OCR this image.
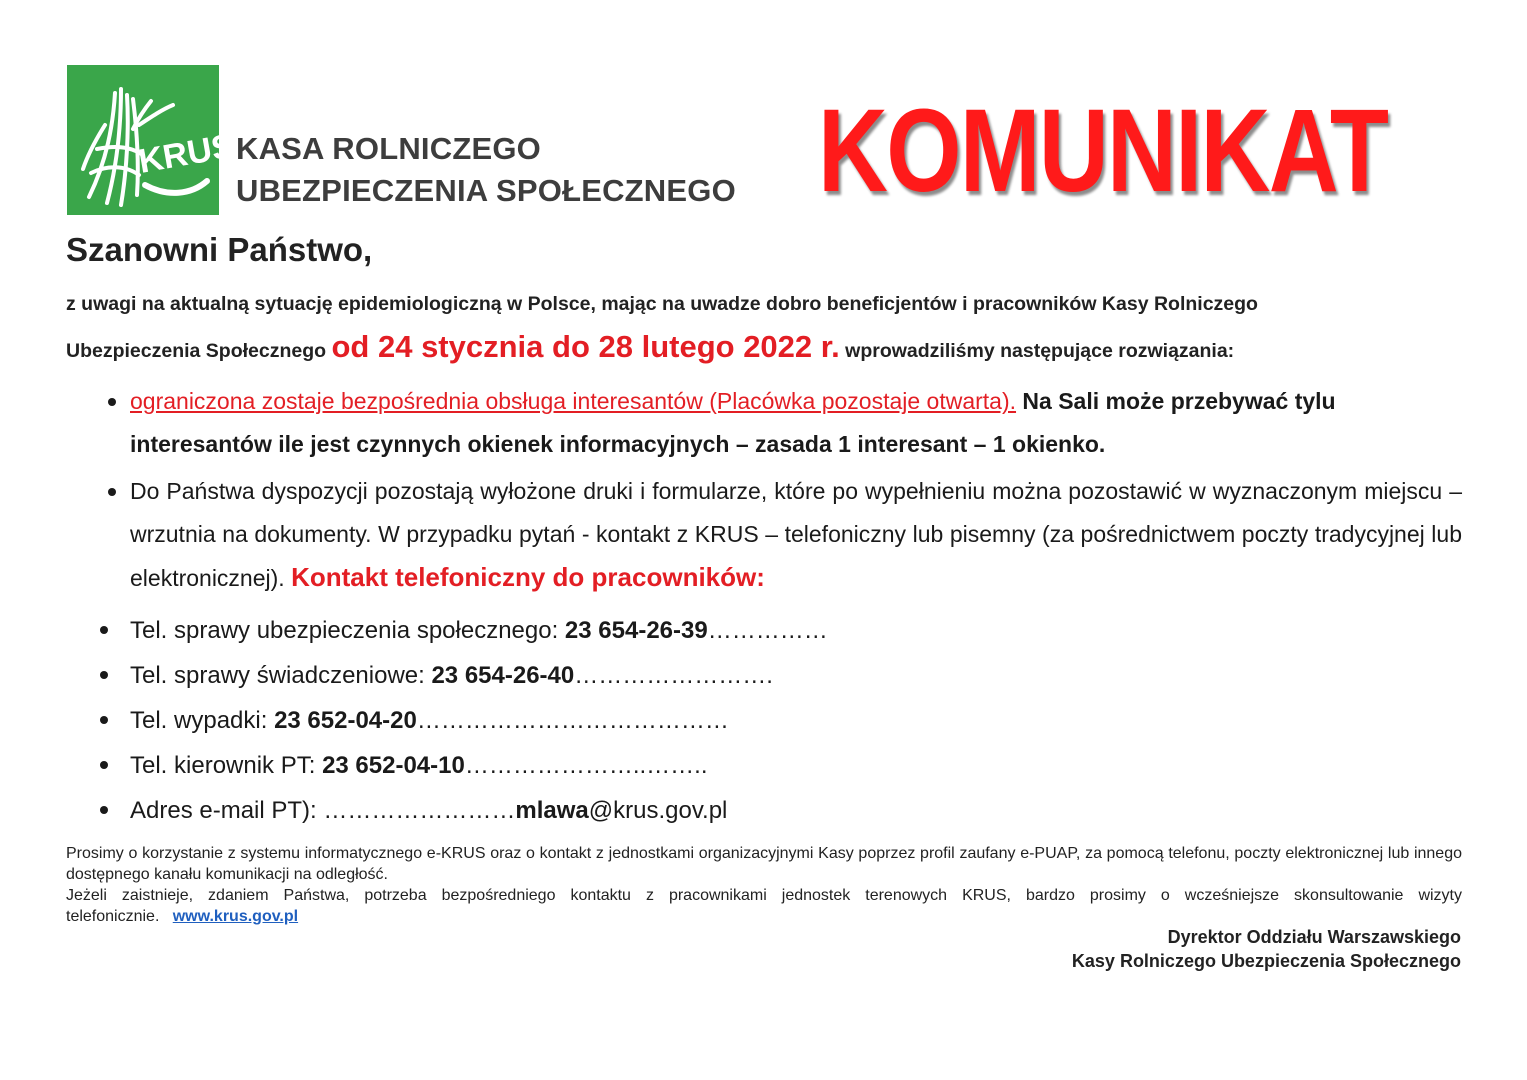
KRUS
KASA ROLNICZEGO
UBEZPIECZENIA SPOŁECZNEGO KOMUNIKAT
Szanowni Państwo,
z uwagi na aktualną sytuację epidemiologiczną w Polsce, mając na uwadze dobro beneficjentów i pracowników Kasy Rolniczego
Ubezpieczenia Społecznego od 24 stycznia do 28 lutego 2022 r. wprowadziliśmy następujące rozwiązania:
ograniczona zostaje bezpośrednia obsługa interesantów (Placówka pozostaje otwarta). Na Sali może przebywać tylu interesantów ile jest czynnych okienek informacyjnych – zasada 1 interesant – 1 okienko.
Do Państwa dyspozycji pozostają wyłożone druki i formularze, które po wypełnieniu można pozostawić w wyznaczonym miejscu – wrzutnia na dokumenty. W przypadku pytań - kontakt z KRUS – telefoniczny lub pisemny (za pośrednictwem poczty tradycyjnej lub elektronicznej). Kontakt telefoniczny do pracowników:
Tel. sprawy ubezpieczenia społecznego: 23 654-26-39……………
Tel. sprawy świadczeniowe: 23 654-26-40…………………….
Tel. wypadki: 23 652-04-20…………………………………
Tel. kierownik PT: 23 652-04-10…………………..……..
Adres e-mail PT): ……………………mlawa@krus.gov.pl
Prosimy o korzystanie z systemu informatycznego e-KRUS oraz o kontakt z jednostkami organizacyjnymi Kasy poprzez profil zaufany e-PUAP, za pomocą telefonu, poczty elektronicznej lub innego dostępnego kanału komunikacji na odległość.
Jeżeli zaistnieje, zdaniem Państwa, potrzeba bezpośredniego kontaktu z pracownikami jednostek terenowych KRUS, bardzo prosimy o wcześniejsze skonsultowanie wizyty telefonicznie. www.krus.gov.pl
Dyrektor Oddziału Warszawskiego
Kasy Rolniczego Ubezpieczenia Społecznego
